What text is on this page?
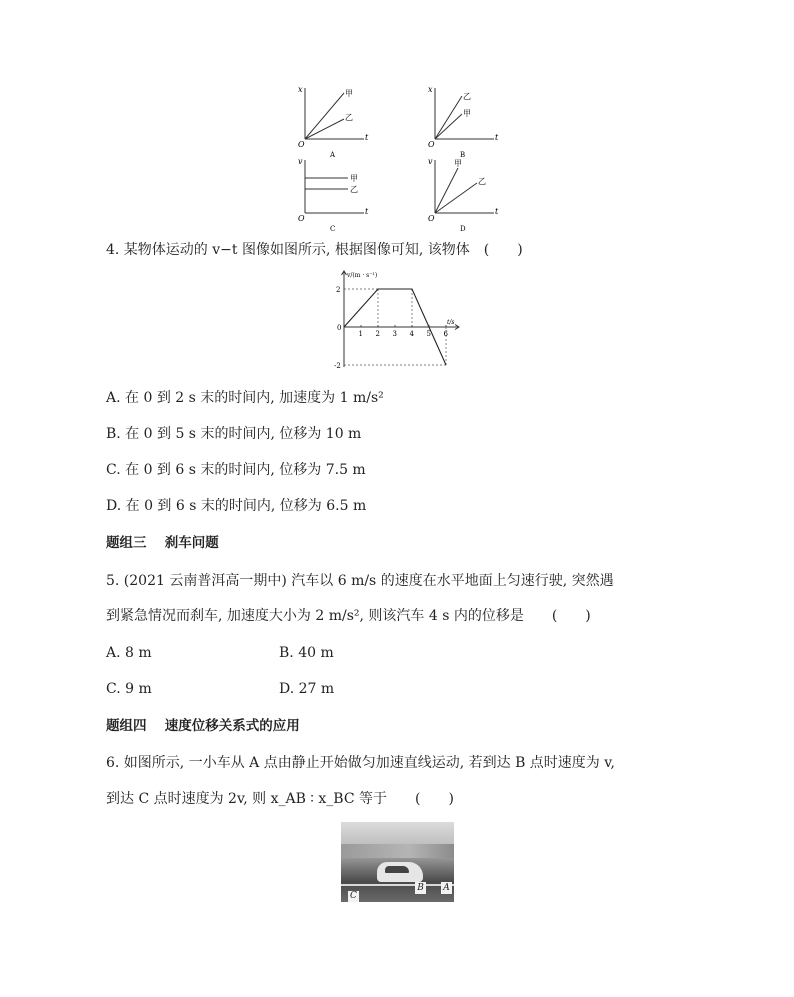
x
t
O
甲
乙
A
x
t
O
乙
甲
B
v
t
O
甲
乙
C
v
t
O
甲
乙
D
4. 某物体运动的 v−t 图像如图所示, 根据图像可知, 该物体　(　　)
1 2 3 4 5 6
2
-2
v/(m · s⁻¹)
t/s
0
A. 在 0 到 2 s 末的时间内, 加速度为 1 m/s²
B. 在 0 到 5 s 末的时间内, 位移为 10 m
C. 在 0 到 6 s 末的时间内, 位移为 7.5 m
D. 在 0 到 6 s 末的时间内, 位移为 6.5 m
题组三　 刹车问题
5. (2021 云南普洱高一期中) 汽车以 6 m/s 的速度在水平地面上匀速行驶, 突然遇
到紧急情况而刹车, 加速度大小为 2 m/s², 则该汽车 4 s 内的位移是　　(　　)
A. 8 m	B. 40 m
C. 9 m	D. 27 m
题组四　 速度位移关系式的应用
6. 如图所示, 一小车从 A 点由静止开始做匀加速直线运动, 若到达 B 点时速度为 v,
到达 C 点时速度为 2v, 则 x_AB ∶ x_BC 等于　　(　　)
B A
C
